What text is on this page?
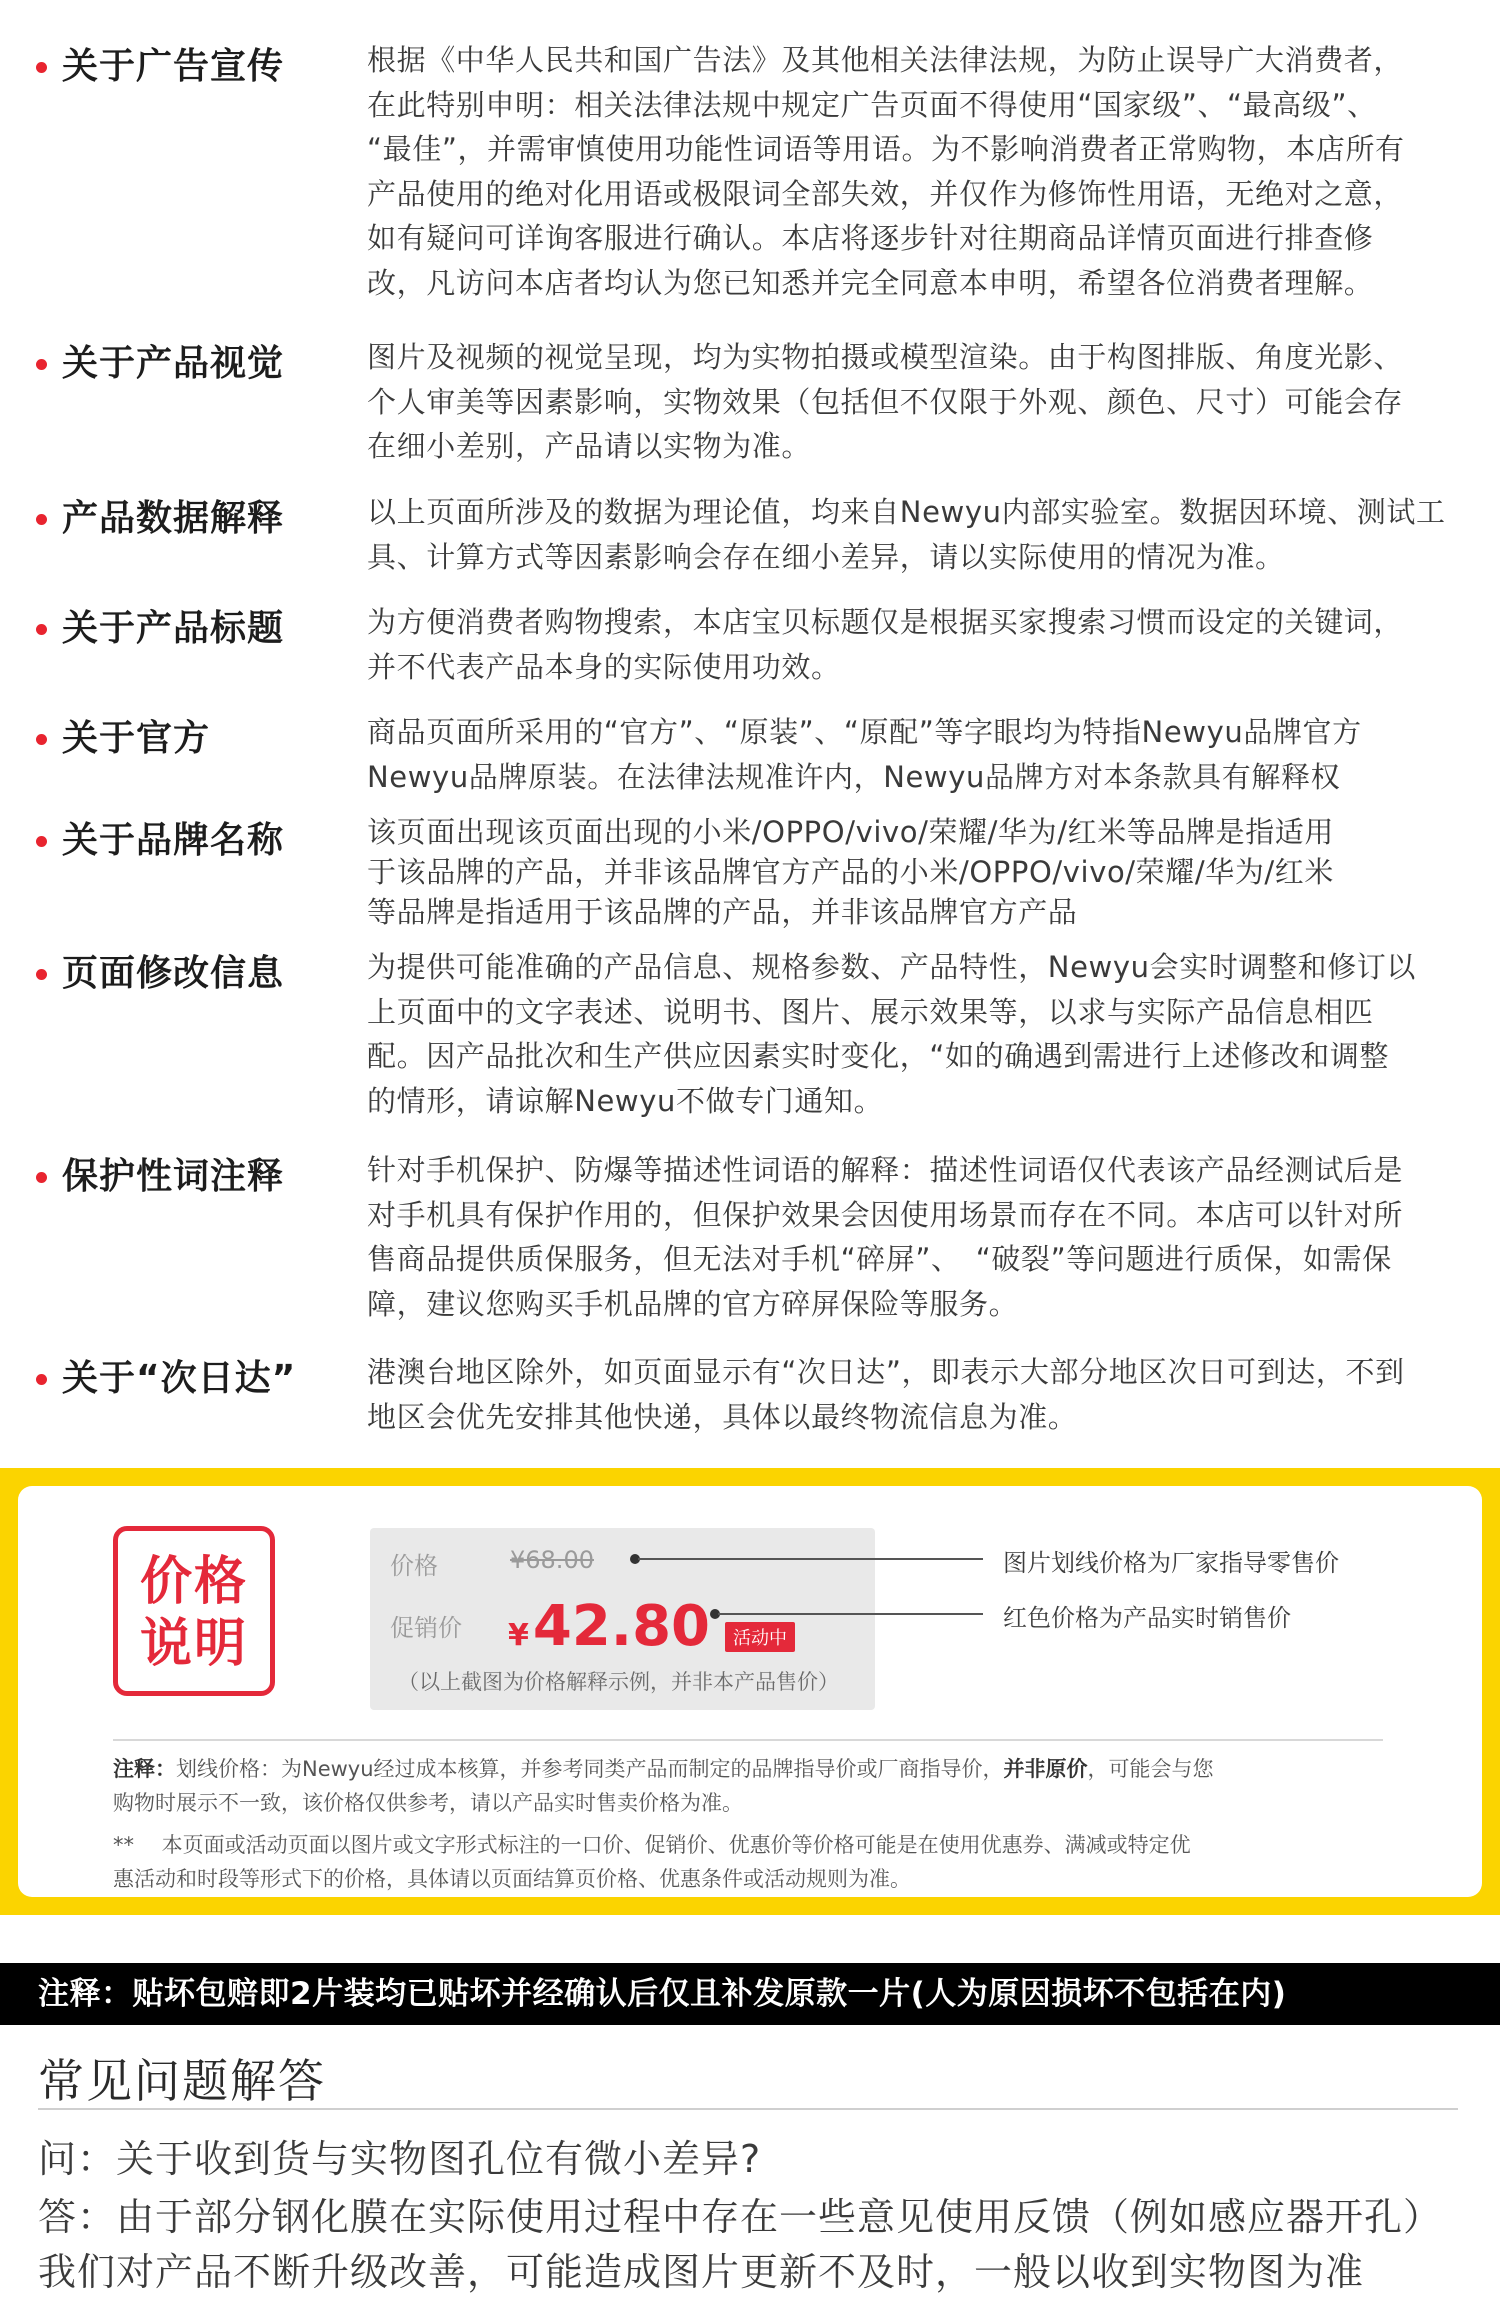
关于广告宣传	根据《中华人民共和国广告法》及其他相关法律法规，为防止误导广大消费者，
在此特别申明：相关法律法规中规定广告页面不得使用“国家级”、“最高级”、
“最佳”，并需审慎使用功能性词语等用语。为不影响消费者正常购物，本店所有
产品使用的绝对化用语或极限词全部失效，并仅作为修饰性用语，无绝对之意，
如有疑问可详询客服进行确认。本店将逐步针对往期商品详情页面进行排查修
改，凡访问本店者均认为您已知悉并完全同意本申明，希望各位消费者理解。
关于产品视觉	图片及视频的视觉呈现，均为实物拍摄或模型渲染。由于构图排版、角度光影、
个人审美等因素影响，实物效果（包括但不仅限于外观、颜色、尺寸）可能会存
在细小差别，产品请以实物为准。
产品数据解释	以上页面所涉及的数据为理论值，均来自Newyu内部实验室。数据因环境、测试工
具、计算方式等因素影响会存在细小差异，请以实际使用的情况为准。
关于产品标题	为方便消费者购物搜索，本店宝贝标题仅是根据买家搜索习惯而设定的关键词，
并不代表产品本身的实际使用功效。
关于官方	商品页面所采用的“官方”、“原装”、“原配”等字眼均为特指Newyu品牌官方
Newyu品牌原装。在法律法规准许内，Newyu品牌方对本条款具有解释权
关于品牌名称	该页面出现该页面出现的小米/OPPO/vivo/荣耀/华为/红米等品牌是指适用
于该品牌的产品，并非该品牌官方产品的小米/OPPO/vivo/荣耀/华为/红米
等品牌是指适用于该品牌的产品，并非该品牌官方产品
页面修改信息	为提供可能准确的产品信息、规格参数、产品特性，Newyu会实时调整和修订以
上页面中的文字表述、说明书、图片、展示效果等，以求与实际产品信息相匹
配。因产品批次和生产供应因素实时变化，“如的确遇到需进行上述修改和调整
的情形，请谅解Newyu不做专门通知。
保护性词注释	针对手机保护、防爆等描述性词语的解释：描述性词语仅代表该产品经测试后是
对手机具有保护作用的，但保护效果会因使用场景而存在不同。本店可以针对所
售商品提供质保服务，但无法对手机“碎屏”、　“破裂”等问题进行质保，如需保
障，建议您购买手机品牌的官方碎屏保险等服务。
关于“次日达” 港澳台地区除外，如页面显示有“次日达”，即表示大部分地区次日可到达，不到
地区会优先安排其他快递，具体以最终物流信息为准。
价格
说明
价格	¥68.00
促销价 ¥42.80	活动中
（以上截图为价格解释示例，并非本产品售价）
图片划线价格为厂家指导零售价
红色价格为产品实时销售价
注释：划线价格：为Newyu经过成本核算，并参考同类产品而制定的品牌指导价或厂商指导价，并非原价，可能会与您
购物时展示不一致，该价格仅供参考，请以产品实时售卖价格为准。
**　 本页面或活动页面以图片或文字形式标注的一口价、促销价、优惠价等价格可能是在使用优惠券、满减或特定优
惠活动和时段等形式下的价格，具体请以页面结算页价格、优惠条件或活动规则为准。
注释：贴坏包赔即2片装均已贴坏并经确认后仅且补发原款一片(人为原因损坏不包括在内)
常见问题解答
问：关于收到货与实物图孔位有微小差异?
答：由于部分钢化膜在实际使用过程中存在一些意见使用反馈（例如感应器开孔）
我们对产品不断升级改善，可能造成图片更新不及时，一般以收到实物图为准
